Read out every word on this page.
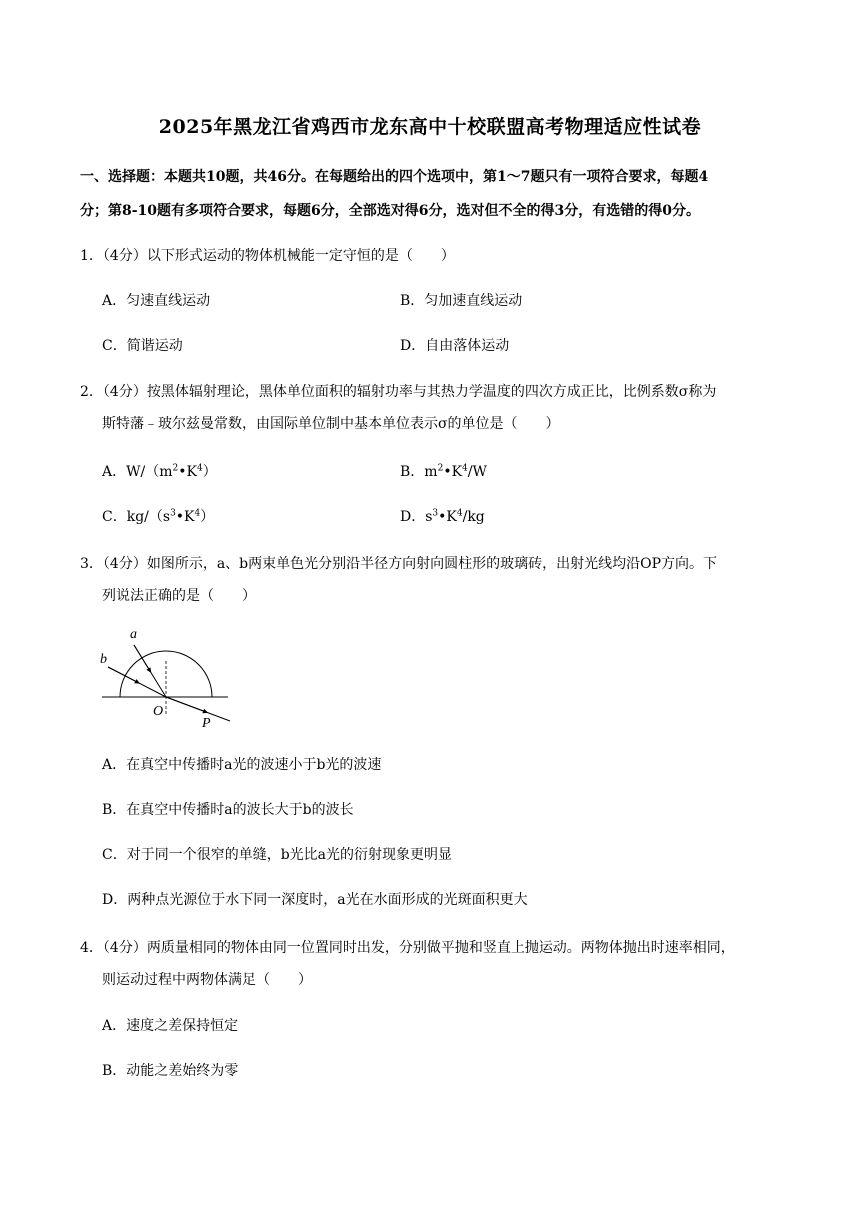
2025年黑龙江省鸡西市龙东高中十校联盟高考物理适应性试卷
一、选择题：本题共10题，共46分。在每题给出的四个选项中，第1～7题只有一项符合要求，每题4
分；第8-10题有多项符合要求，每题6分，全部选对得6分，选对但不全的得3分，有选错的得0分。
1．（4分）以下形式运动的物体机械能一定守恒的是（　　）
A．匀速直线运动	B．匀加速直线运动
C．简谐运动	D．自由落体运动
2．（4分）按黑体辐射理论，黑体单位面积的辐射功率与其热力学温度的四次方成正比，比例系数σ称为
斯特藩﹣玻尔兹曼常数，由国际单位制中基本单位表示σ的单位是（　　）
A．$W/(m^2•K^4)$	B．$m^2•K^4/W$
C．$kg/(s^3•K^4)$	D．$s^3•K^4/kg$
3．（4分）如图所示，a、b两束单色光分别沿半径方向射向圆柱形的玻璃砖，出射光线均沿OP方向。下
列说法正确的是（　　）
a
b
O
P
A．在真空中传播时a光的波速小于b光的波速
B．在真空中传播时a的波长大于b的波长
C．对于同一个很窄的单缝，b光比a光的衍射现象更明显
D．两种点光源位于水下同一深度时，a光在水面形成的光斑面积更大
4．（4分）两质量相同的物体由同一位置同时出发，分别做平抛和竖直上抛运动。两物体抛出时速率相同，
则运动过程中两物体满足（　　）
A．速度之差保持恒定
B．动能之差始终为零
